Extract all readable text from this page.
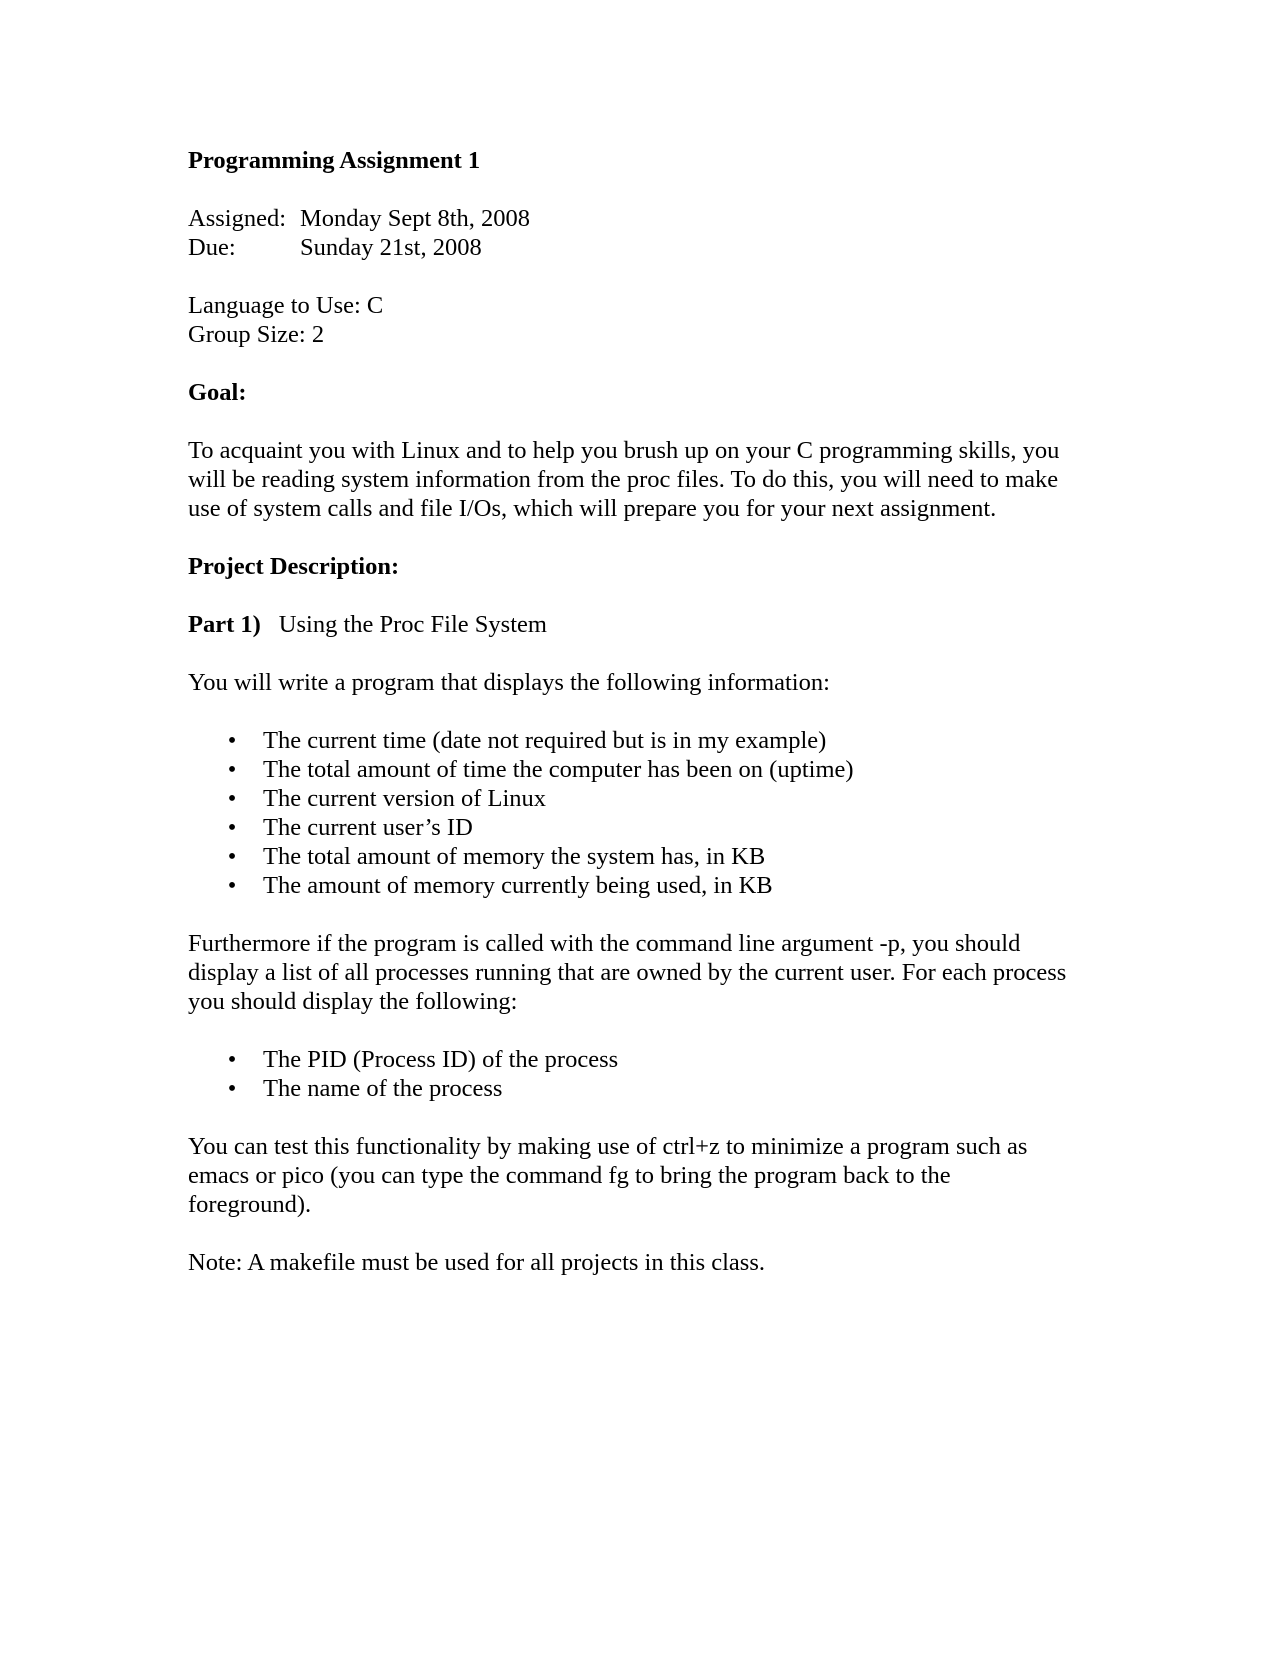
Programming Assignment 1
Assigned: Monday Sept 8th, 2008
Due:	Sunday 21st, 2008
Language to Use: C
Group Size: 2
Goal:
To acquaint you with Linux and to help you brush up on your C programming skills, you
will be reading system information from the proc files. To do this, you will need to make
use of system calls and file I/Os, which will prepare you for your next assignment.
Project Description:
Part 1) Using the Proc File System
You will write a program that displays the following information:
• The current time (date not required but is in my example)
• The total amount of time the computer has been on (uptime)
• The current version of Linux
• The current user’s ID
• The total amount of memory the system has, in KB
• The amount of memory currently being used, in KB
Furthermore if the program is called with the command line argument -p, you should
display a list of all processes running that are owned by the current user. For each process
you should display the following:
• The PID (Process ID) of the process
• The name of the process
You can test this functionality by making use of ctrl+z to minimize a program such as
emacs or pico (you can type the command fg to bring the program back to the
foreground).
Note: A makefile must be used for all projects in this class.
